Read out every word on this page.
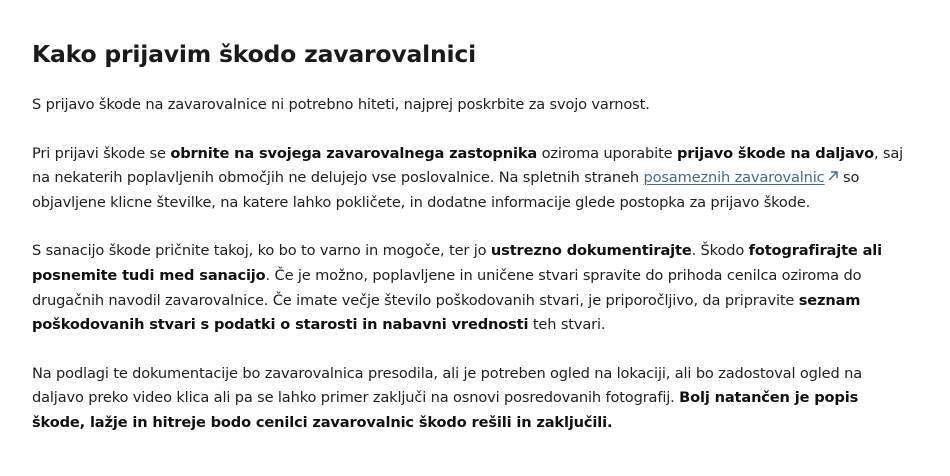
Kako prijavim škodo zavarovalnici

S prijavo škode na zavarovalnice ni potrebno hiteti, najprej poskrbite za svojo varnost.

Pri prijavi škode se obrnite na svojega zavarovalnega zastopnika oziroma uporabite prijavo škode na daljavo, saj na nekaterih poplavljenih območjih ne delujejo vse poslovalnice. Na spletnih straneh posameznih zavarovalnic so objavljene klicne številke, na katere lahko pokličete, in dodatne informacije glede postopka za prijavo škode.

S sanacijo škode pričnite takoj, ko bo to varno in mogoče, ter jo ustrezno dokumentirajte. Škodo fotografirajte ali posnemite tudi med sanacijo. Če je možno, poplavljene in uničene stvari spravite do prihoda cenilca oziroma do drugačnih navodil zavarovalnice. Če imate večje število poškodovanih stvari, je priporočljivo, da pripravite seznam poškodovanih stvari s podatki o starosti in nabavni vrednosti teh stvari.

Na podlagi te dokumentacije bo zavarovalnica presodila, ali je potreben ogled na lokaciji, ali bo zadostoval ogled na daljavo preko video klica ali pa se lahko primer zaključi na osnovi posredovanih fotografij. Bolj natančen je popis škode, lažje in hitreje bodo cenilci zavarovalnic škodo rešili in zaključili.
